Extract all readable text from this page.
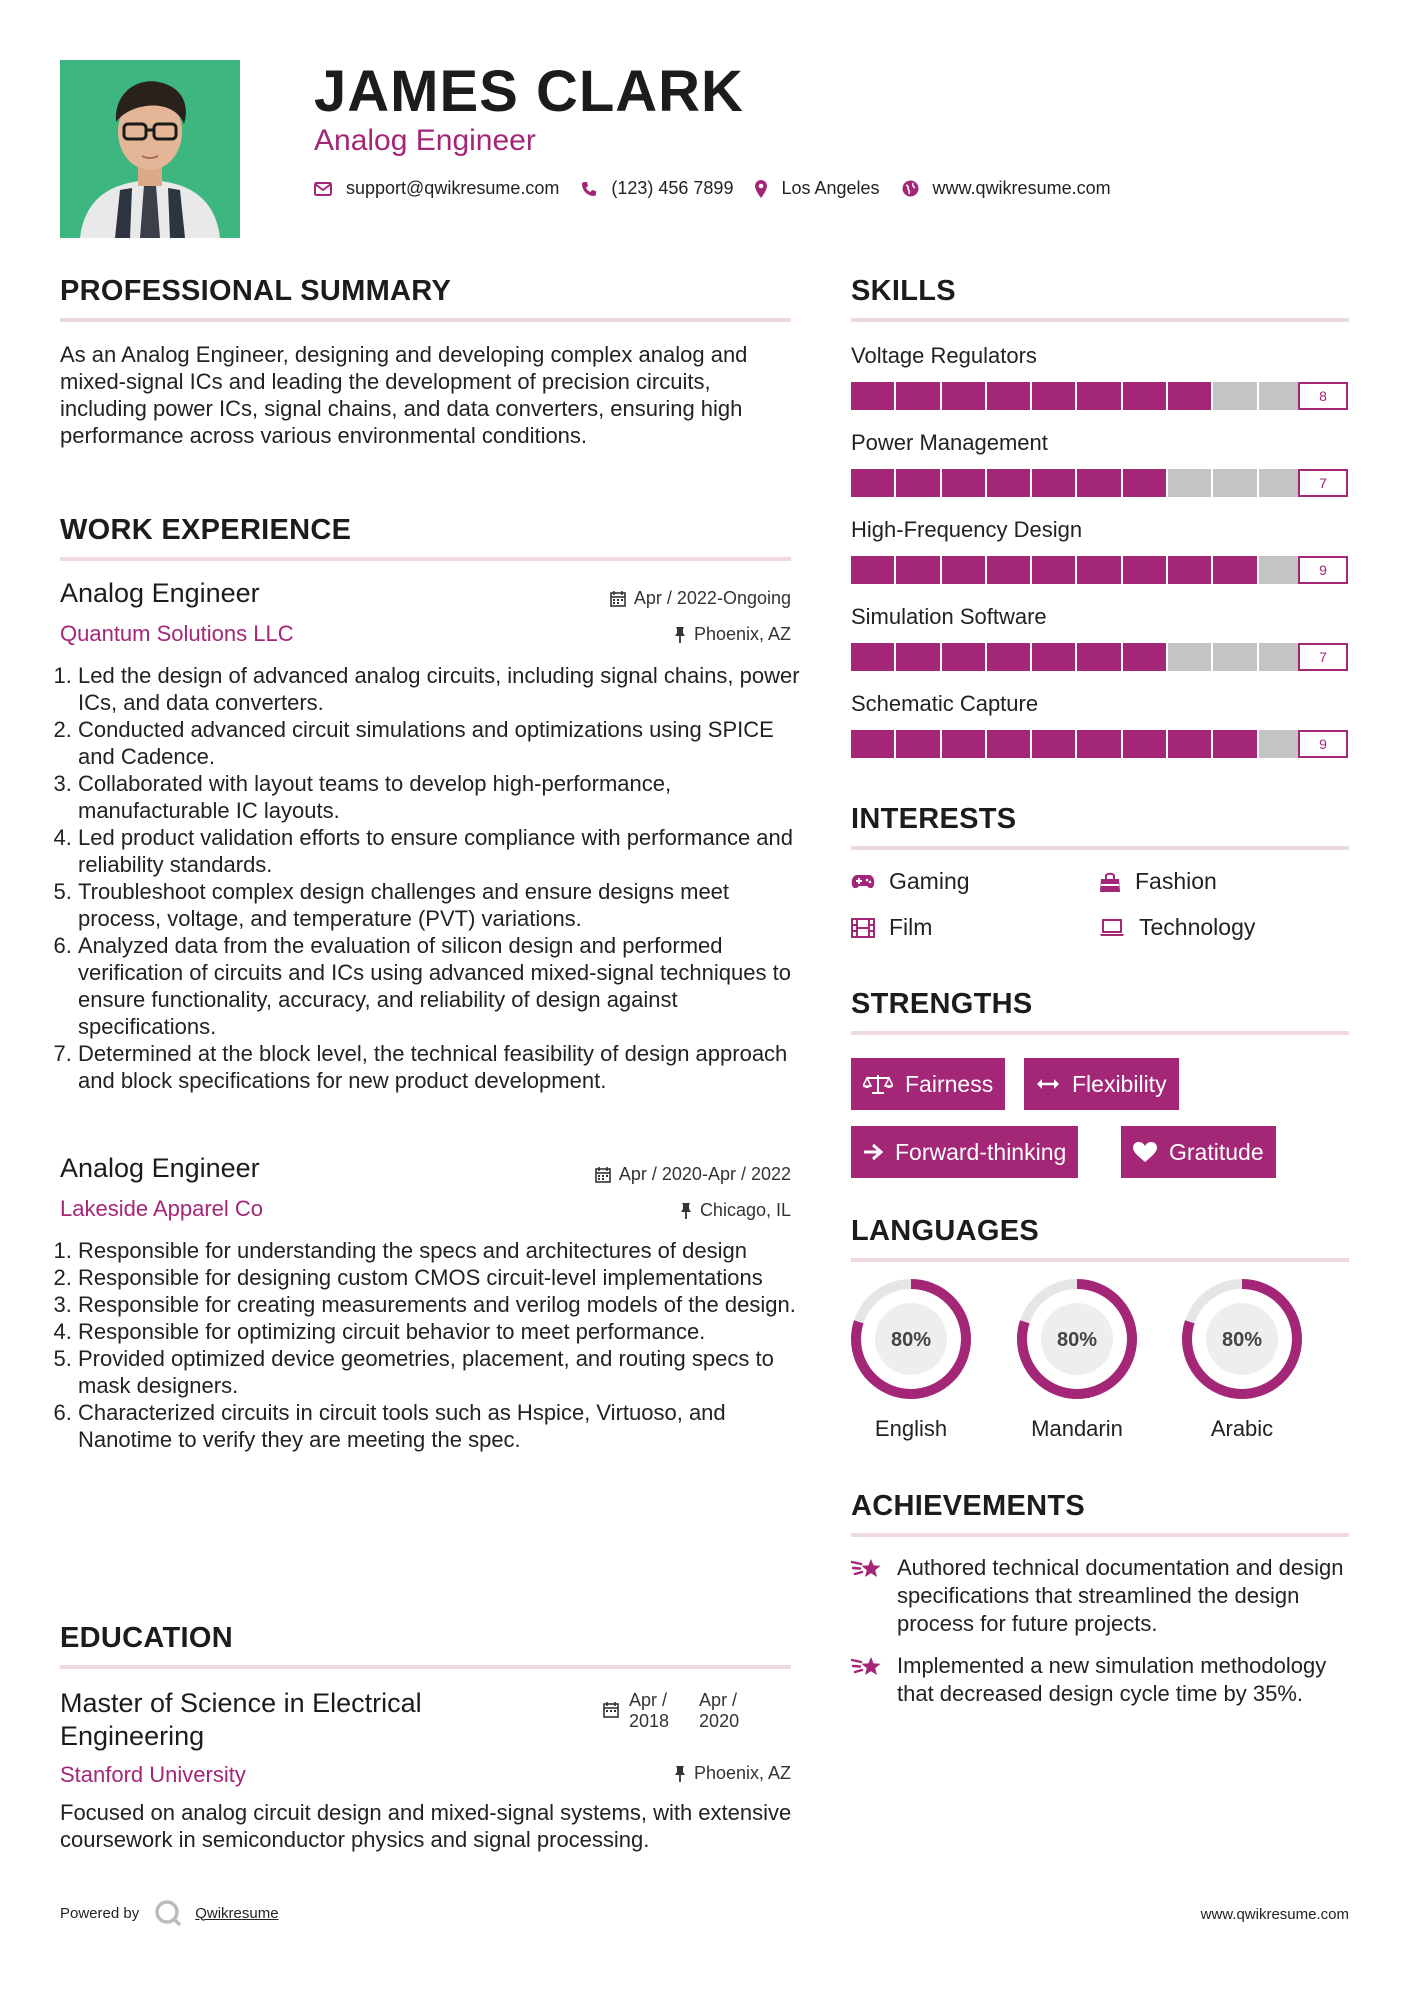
JAMES CLARK
Analog Engineer
support@qwikresume.com	(123) 456 7899	Los Angeles	www.qwikresume.com
PROFESSIONAL SUMMARY
As an Analog Engineer, designing and developing complex analog and mixed-signal ICs and leading the development of precision circuits, including power ICs, signal chains, and data converters, ensuring high performance across various environmental conditions.
WORK EXPERIENCE
Analog Engineer	Apr / 2022-Ongoing
Quantum Solutions LLC	Phoenix, AZ
1. Led the design of advanced analog circuits, including signal chains, power ICs, and data converters.
2. Conducted advanced circuit simulations and optimizations using SPICE and Cadence.
3. Collaborated with layout teams to develop high-performance, manufacturable IC layouts.
4. Led product validation efforts to ensure compliance with performance and reliability standards.
5. Troubleshoot complex design challenges and ensure designs meet process, voltage, and temperature (PVT) variations.
6. Analyzed data from the evaluation of silicon design and performed verification of circuits and ICs using advanced mixed-signal techniques to ensure functionality, accuracy, and reliability of design against specifications.
7. Determined at the block level, the technical feasibility of design approach and block specifications for new product development.
Analog Engineer	Apr / 2020-Apr / 2022
Lakeside Apparel Co	Chicago, IL
1. Responsible for understanding the specs and architectures of design
2. Responsible for designing custom CMOS circuit-level implementations
3. Responsible for creating measurements and verilog models of the design.
4. Responsible for optimizing circuit behavior to meet performance.
5. Provided optimized device geometries, placement, and routing specs to mask designers.
6. Characterized circuits in circuit tools such as Hspice, Virtuoso, and Nanotime to verify they are meeting the spec.
EDUCATION
Master of Science in Electrical Engineering
Apr /
2018
Apr /
2020
Stanford University	Phoenix, AZ
Focused on analog circuit design and mixed-signal systems, with extensive coursework in semiconductor physics and signal processing.
Powered by	Qwikresume	www.qwikresume.com
SKILLS
Voltage Regulators
8
Power Management
7
High-Frequency Design
9
Simulation Software
7
Schematic Capture
9
INTERESTS
Gaming	Fashion
Film	Technology
STRENGTHS
Fairness	Flexibility
Forward-thinking	Gratitude
LANGUAGES
80%
English
80%
Mandarin
80%
Arabic
ACHIEVEMENTS
Authored technical documentation and design specifications that streamlined the design process for future projects.
Implemented a new simulation methodology that decreased design cycle time by 35%.
